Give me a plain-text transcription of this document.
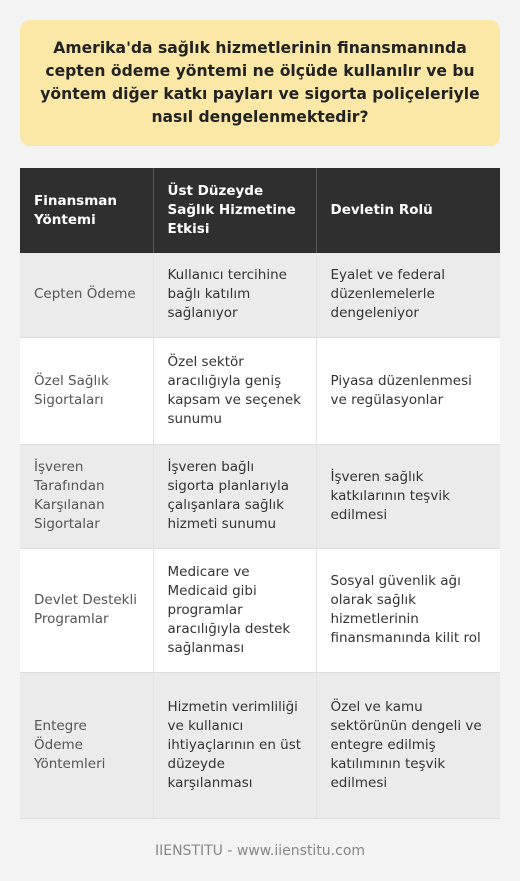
Amerika'da sağlık hizmetlerinin finansmanında cepten ödeme yöntemi ne ölçüde kullanılır ve bu yöntem diğer katkı payları ve sigorta poliçeleriyle nasıl dengelenmektedir?
Finansman Yöntemi	Üst Düzeyde Sağlık Hizmetine Etkisi	Devletin Rolü
Cepten Ödeme	Kullanıcı tercihine bağlı katılım sağlanıyor	Eyalet ve federal düzenlemelerle dengeleniyor
Özel Sağlık Sigortaları	Özel sektör aracılığıyla geniş kapsam ve seçenek sunumu	Piyasa düzenlenmesi ve regülasyonlar
İşveren Tarafından Karşılanan Sigortalar	İşveren bağlı sigorta planlarıyla çalışanlara sağlık hizmeti sunumu	İşveren sağlık katkılarının teşvik edilmesi
Devlet Destekli Programlar	Medicare ve Medicaid gibi programlar aracılığıyla destek sağlanması	Sosyal güvenlik ağı olarak sağlık hizmetlerinin finansmanında kilit rol
Entegre Ödeme Yöntemleri	Hizmetin verimliliği ve kullanıcı ihtiyaçlarının en üst düzeyde karşılanması	Özel ve kamu sektörünün dengeli ve entegre edilmiş katılımının teşvik edilmesi
IIENSTITU - www.iienstitu.com
